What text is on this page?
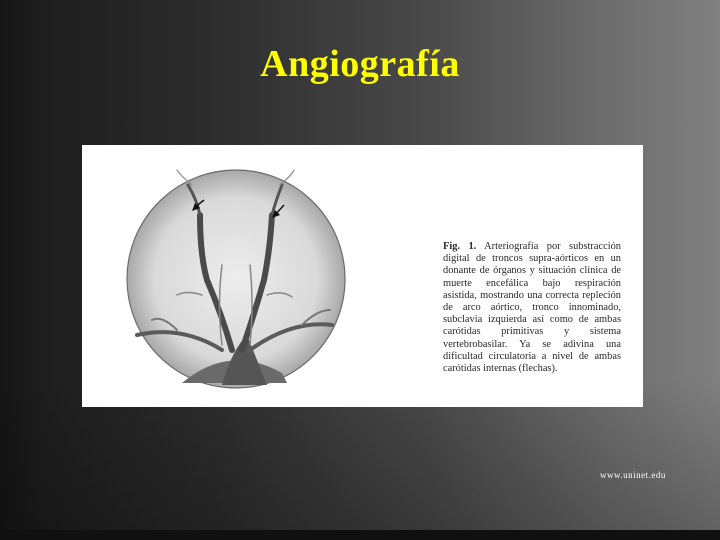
Angiografía

Fig. 1. Arteriografía por substracción digital de troncos supra-aórticos en un donante de órganos y situación clínica de muerte encefálica bajo respiración asistida, mostrando una correcta repleción de arco aórtico, tronco innominado, subclavia izquierda así como de ambas carótidas primitivas y sistema vertebrobasilar. Ya se adivina una dificultad circulatoria a nivel de ambas carótidas internas (flechas).

www.uninet.edu
